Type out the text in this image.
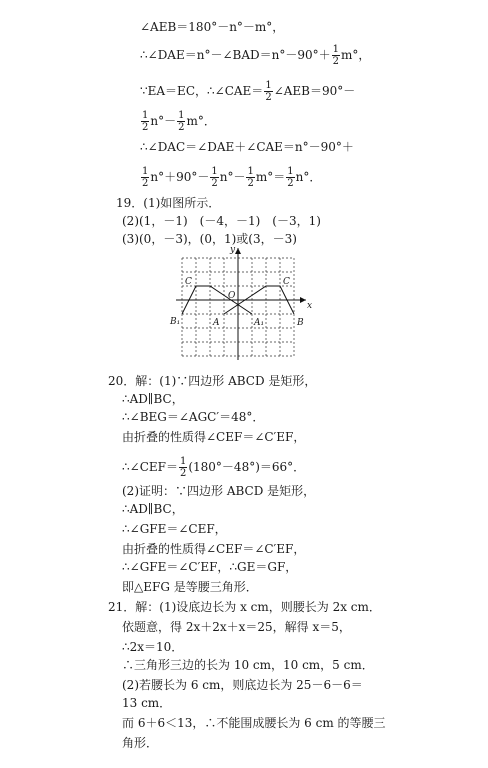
∠AEB＝180°－n°－m°，
∴∠DAE＝n°－∠BAD＝n°－90°＋ $\frac{1}{2} m^\circ$，
∵EA＝EC，∴∠CAE＝ $\frac{1}{2}$ ∠AEB＝90°－
$\frac{1}{2} n^\circ- \frac{1}{2} m^\circ$．
∴∠DAC＝∠DAE＋∠CAE＝n°－90°＋
$\frac{1}{2} n^\circ+90^\circ- \frac{1}{2} n^\circ- \frac{1}{2} m^\circ= \frac{1}{2} n^\circ$．
19．(1)如图所示．
(2)(1，－1)　(－4，－1)　(－3，1)
(3)(0，－3)，(0，1)或(3，－3)
x
y
O
C	C
A	A₁
B₁	B
20．解：(1)∵四边形 ABCD 是矩形，
∴AD∥BC，
∴∠BEG＝∠AGC′＝48°．
由折叠的性质得∠CEF＝∠C′EF，
∴∠CEF＝ $\frac{1}{2} (180^\circ-48^\circ)=66^\circ$．
(2)证明：∵四边形 ABCD 是矩形，
∴AD∥BC，
∴∠GFE＝∠CEF，
由折叠的性质得∠CEF＝∠C′EF，
∴∠GFE＝∠C′EF，∴GE＝GF，
即△EFG 是等腰三角形．
21．解：(1)设底边长为 x cm，则腰长为 2x cm．
依题意，得 2x＋2x＋x＝25，解得 x＝5，
∴2x＝10．
∴三角形三边的长为 10 cm，10 cm，5 cm．
(2)若腰长为 6 cm，则底边长为 25－6－6＝
13 cm．
而 6＋6＜13，∴不能围成腰长为 6 cm 的等腰三
角形．
